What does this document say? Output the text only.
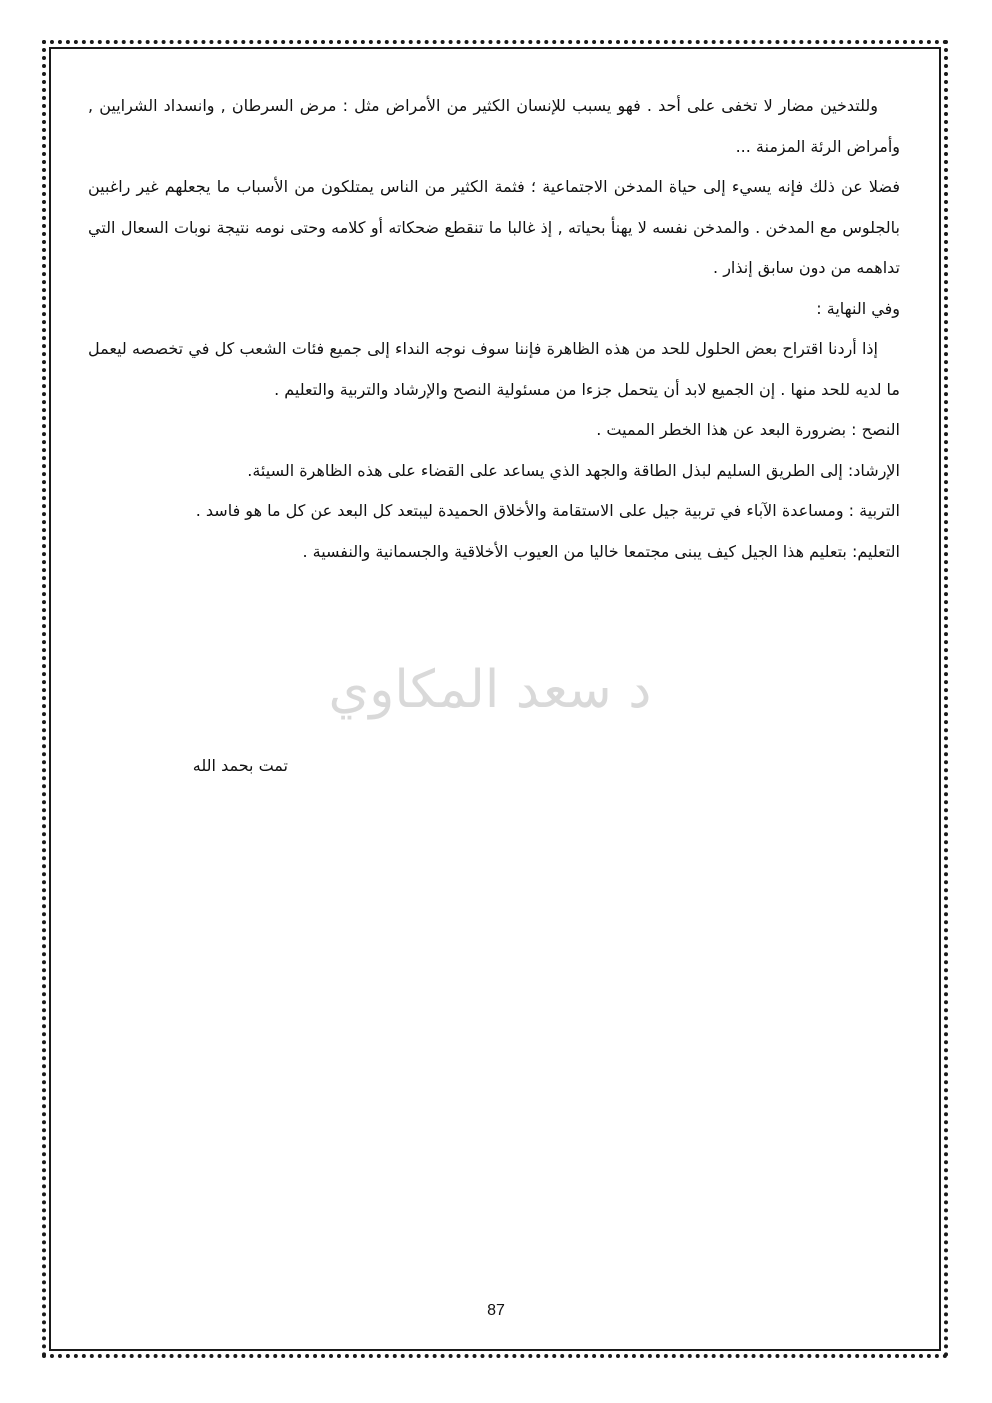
وللتدخين مضار لا تخفى على أحد . فهو يسبب للإنسان الكثير من الأمراض مثل : مرض السرطان , وانسداد الشرايين , وأمراض الرئة المزمنة ...

فضلا عن ذلك فإنه يسيء إلى حياة المدخن الاجتماعية ؛ فثمة الكثير من الناس يمتلكون من الأسباب ما يجعلهم غير راغبين بالجلوس مع المدخن . والمدخن نفسه لا يهنأ بحياته , إذ غالبا ما تنقطع ضحكاته أو كلامه وحتى نومه نتيجة نوبات السعال التي تداهمه من دون سابق إنذار .

وفي النهاية :

إذا أردنا اقتراح بعض الحلول للحد من هذه الظاهرة فإننا سوف نوجه النداء إلى جميع فئات الشعب كل في تخصصه ليعمل ما لديه للحد منها . إن الجميع لابد أن يتحمل جزءا من مسئولية النصح والإرشاد والتربية والتعليم .

النصح : بضرورة البعد عن هذا الخطر المميت .

الإرشاد: إلى الطريق السليم لبذل الطاقة والجهد الذي يساعد على القضاء على هذه الظاهرة السيئة.

التربية : ومساعدة الآباء في تربية جيل على الاستقامة والأخلاق الحميدة ليبتعد كل البعد عن كل ما هو فاسد .

التعليم: بتعليم هذا الجيل كيف يبنى مجتمعا خاليا من العيوب الأخلاقية والجسمانية والنفسية .

د سعد المكاوي
تمت بحمد الله
87
